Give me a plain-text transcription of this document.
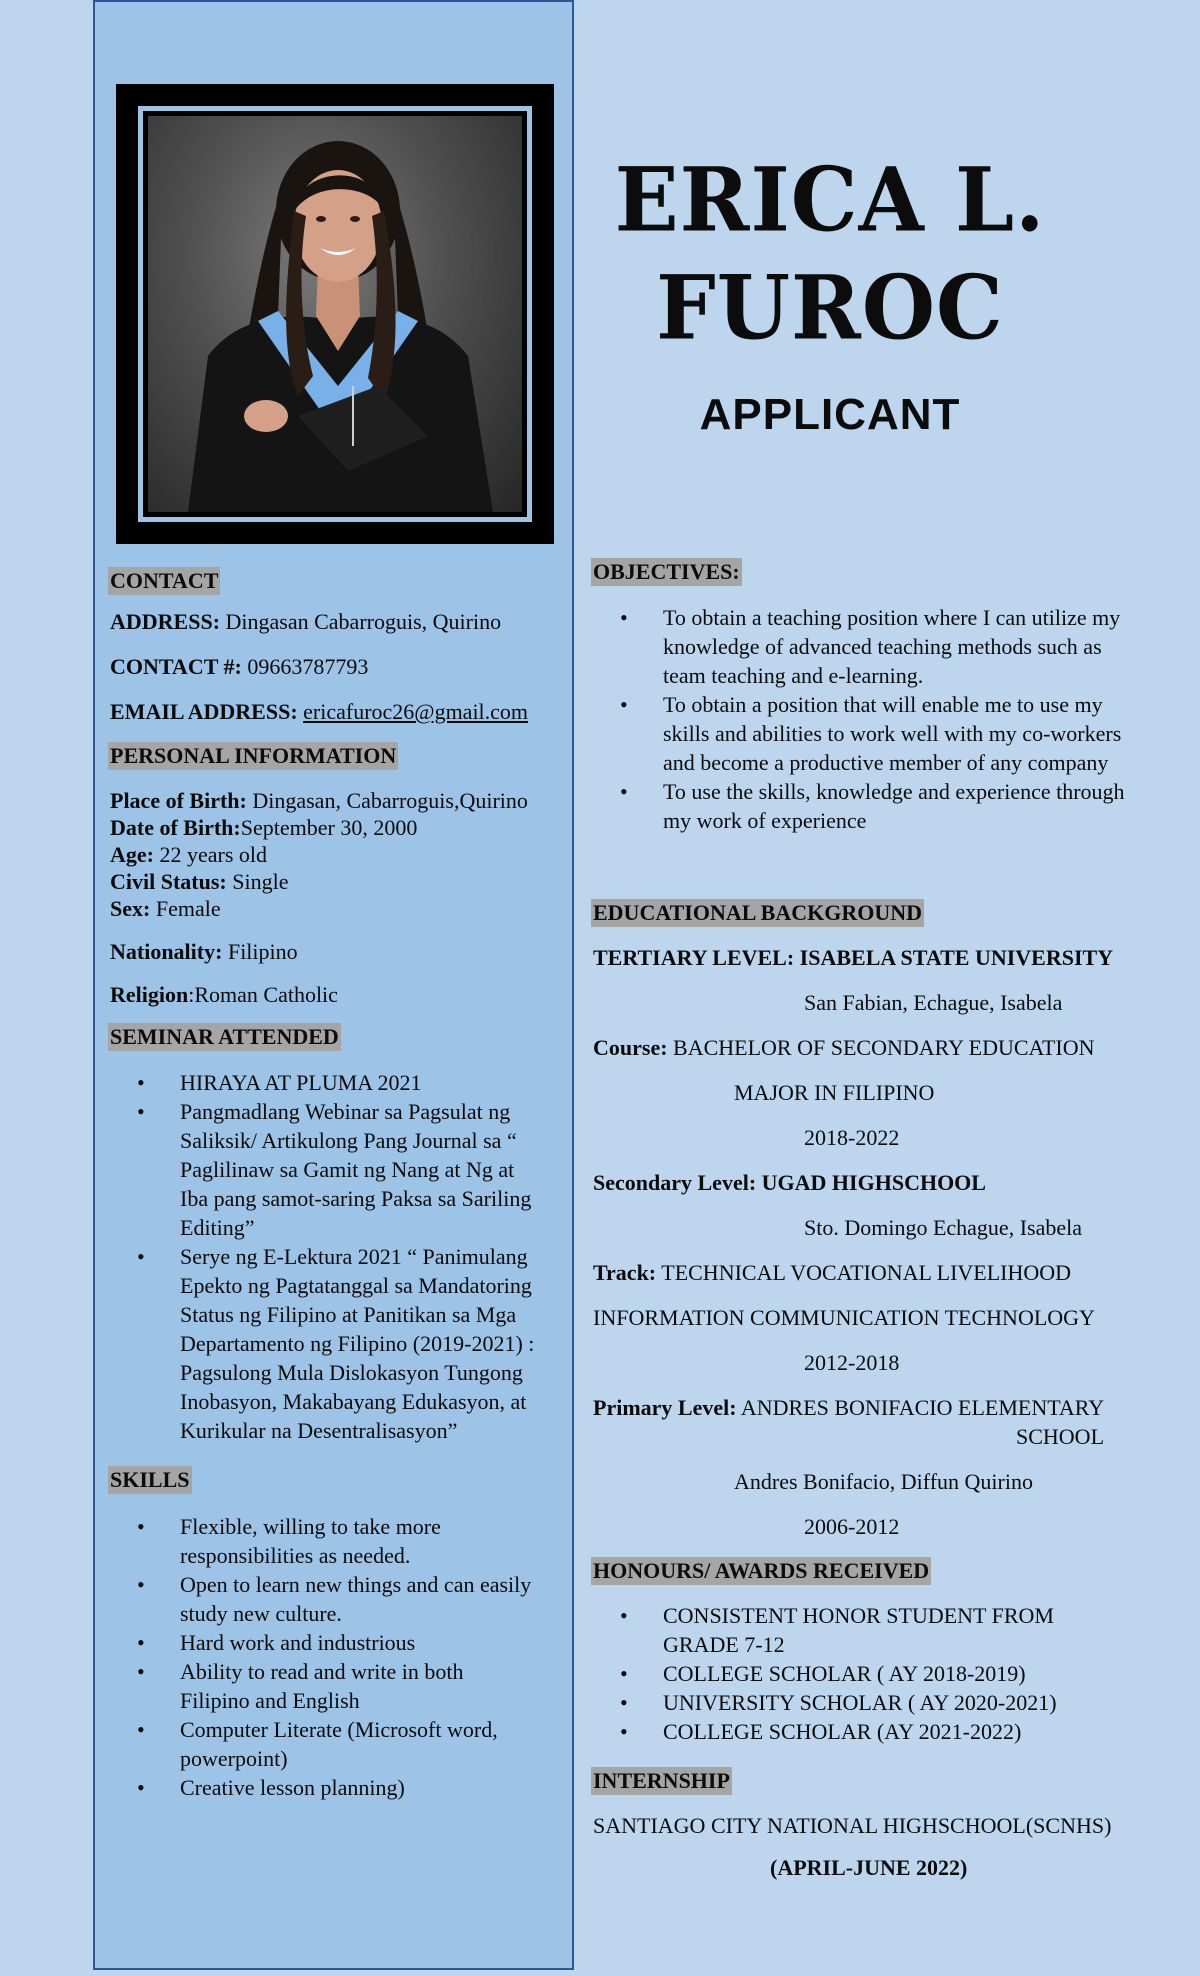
ERICA L.
FUROC
APPLICANT
CONTACT
ADDRESS: Dingasan Cabarroguis, Quirino
CONTACT #: 09663787793
EMAIL ADDRESS: ericafuroc26@gmail.com
PERSONAL INFORMATION
Place of Birth: Dingasan, Cabarroguis,Quirino
Date of Birth:September 30, 2000
Age: 22 years old
Civil Status: Single
Sex: Female
Nationality: Filipino
Religion:Roman Catholic
SEMINAR ATTENDED
• HIRAYA AT PLUMA 2021
• Pangmadlang Webinar sa Pagsulat ng
Saliksik/ Artikulong Pang Journal sa “
Paglilinaw sa Gamit ng Nang at Ng at
Iba pang samot-saring Paksa sa Sariling
Editing”
• Serye ng E-Lektura 2021 “ Panimulang
Epekto ng Pagtatanggal sa Mandatoring
Status ng Filipino at Panitikan sa Mga
Departamento ng Filipino (2019-2021) :
Pagsulong Mula Dislokasyon Tungong
Inobasyon, Makabayang Edukasyon, at
Kurikular na Desentralisasyon”
SKILLS
• Flexible, willing to take more
responsibilities as needed.
• Open to learn new things and can easily
study new culture.
• Hard work and industrious
• Ability to read and write in both
Filipino and English
• Computer Literate (Microsoft word,
powerpoint)
• Creative lesson planning)
OBJECTIVES:
• To obtain a teaching position where I can utilize my
knowledge of advanced teaching methods such as
team teaching and e-learning.
• To obtain a position that will enable me to use my
skills and abilities to work well with my co-workers
and become a productive member of any company
• To use the skills, knowledge and experience through
my work of experience
EDUCATIONAL BACKGROUND
TERTIARY LEVEL: ISABELA STATE UNIVERSITY
San Fabian, Echague, Isabela
Course: BACHELOR OF SECONDARY EDUCATION
MAJOR IN FILIPINO
2018-2022
Secondary Level: UGAD HIGHSCHOOL
Sto. Domingo Echague, Isabela
Track: TECHNICAL VOCATIONAL LIVELIHOOD
INFORMATION COMMUNICATION TECHNOLOGY
2012-2018
Primary Level: ANDRES BONIFACIO ELEMENTARY
SCHOOL
Andres Bonifacio, Diffun Quirino
2006-2012
HONOURS/ AWARDS RECEIVED
• CONSISTENT HONOR STUDENT FROM
GRADE 7-12
• COLLEGE SCHOLAR ( AY 2018-2019)
• UNIVERSITY SCHOLAR ( AY 2020-2021)
• COLLEGE SCHOLAR (AY 2021-2022)
INTERNSHIP
SANTIAGO CITY NATIONAL HIGHSCHOOL(SCNHS)
(APRIL-JUNE 2022)
